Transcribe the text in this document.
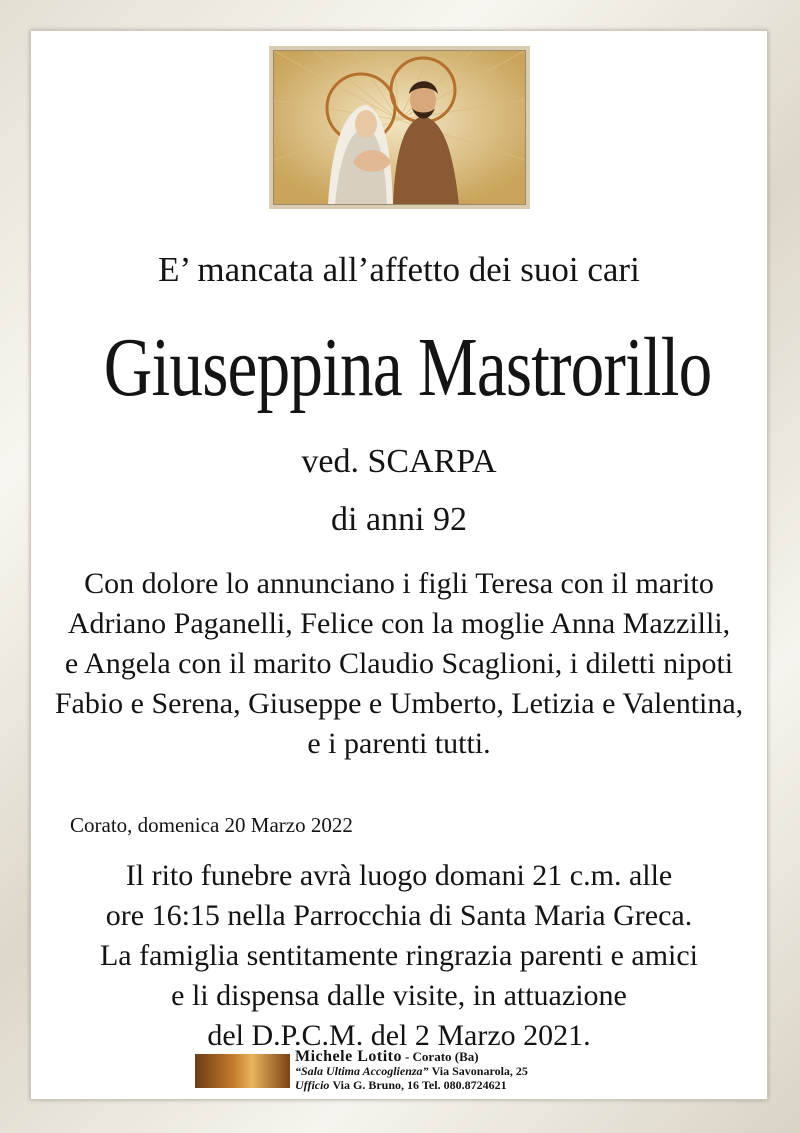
E’ mancata all’affetto dei suoi cari
Giuseppina Mastrorillo
ved. SCARPA
di anni 92
Con dolore lo annunciano i figli Teresa con il marito
Adriano Paganelli, Felice con la moglie Anna Mazzilli,
e Angela con il marito Claudio Scaglioni, i diletti nipoti
Fabio e Serena, Giuseppe e Umberto, Letizia e Valentina,
e i parenti tutti.
Corato, domenica 20 Marzo 2022
Il rito funebre avrà luogo domani 21 c.m. alle
ore 16:15 nella Parrocchia di Santa Maria Greca.
La famiglia sentitamente ringrazia parenti e amici
e li dispensa dalle visite, in attuazione
del D.P.C.M. del 2 Marzo 2021.
Michele Lotito - Corato (Ba)
“Sala Ultima Accoglienza” Via Savonarola, 25
Ufficio Via G. Bruno, 16 Tel. 080.8724621
